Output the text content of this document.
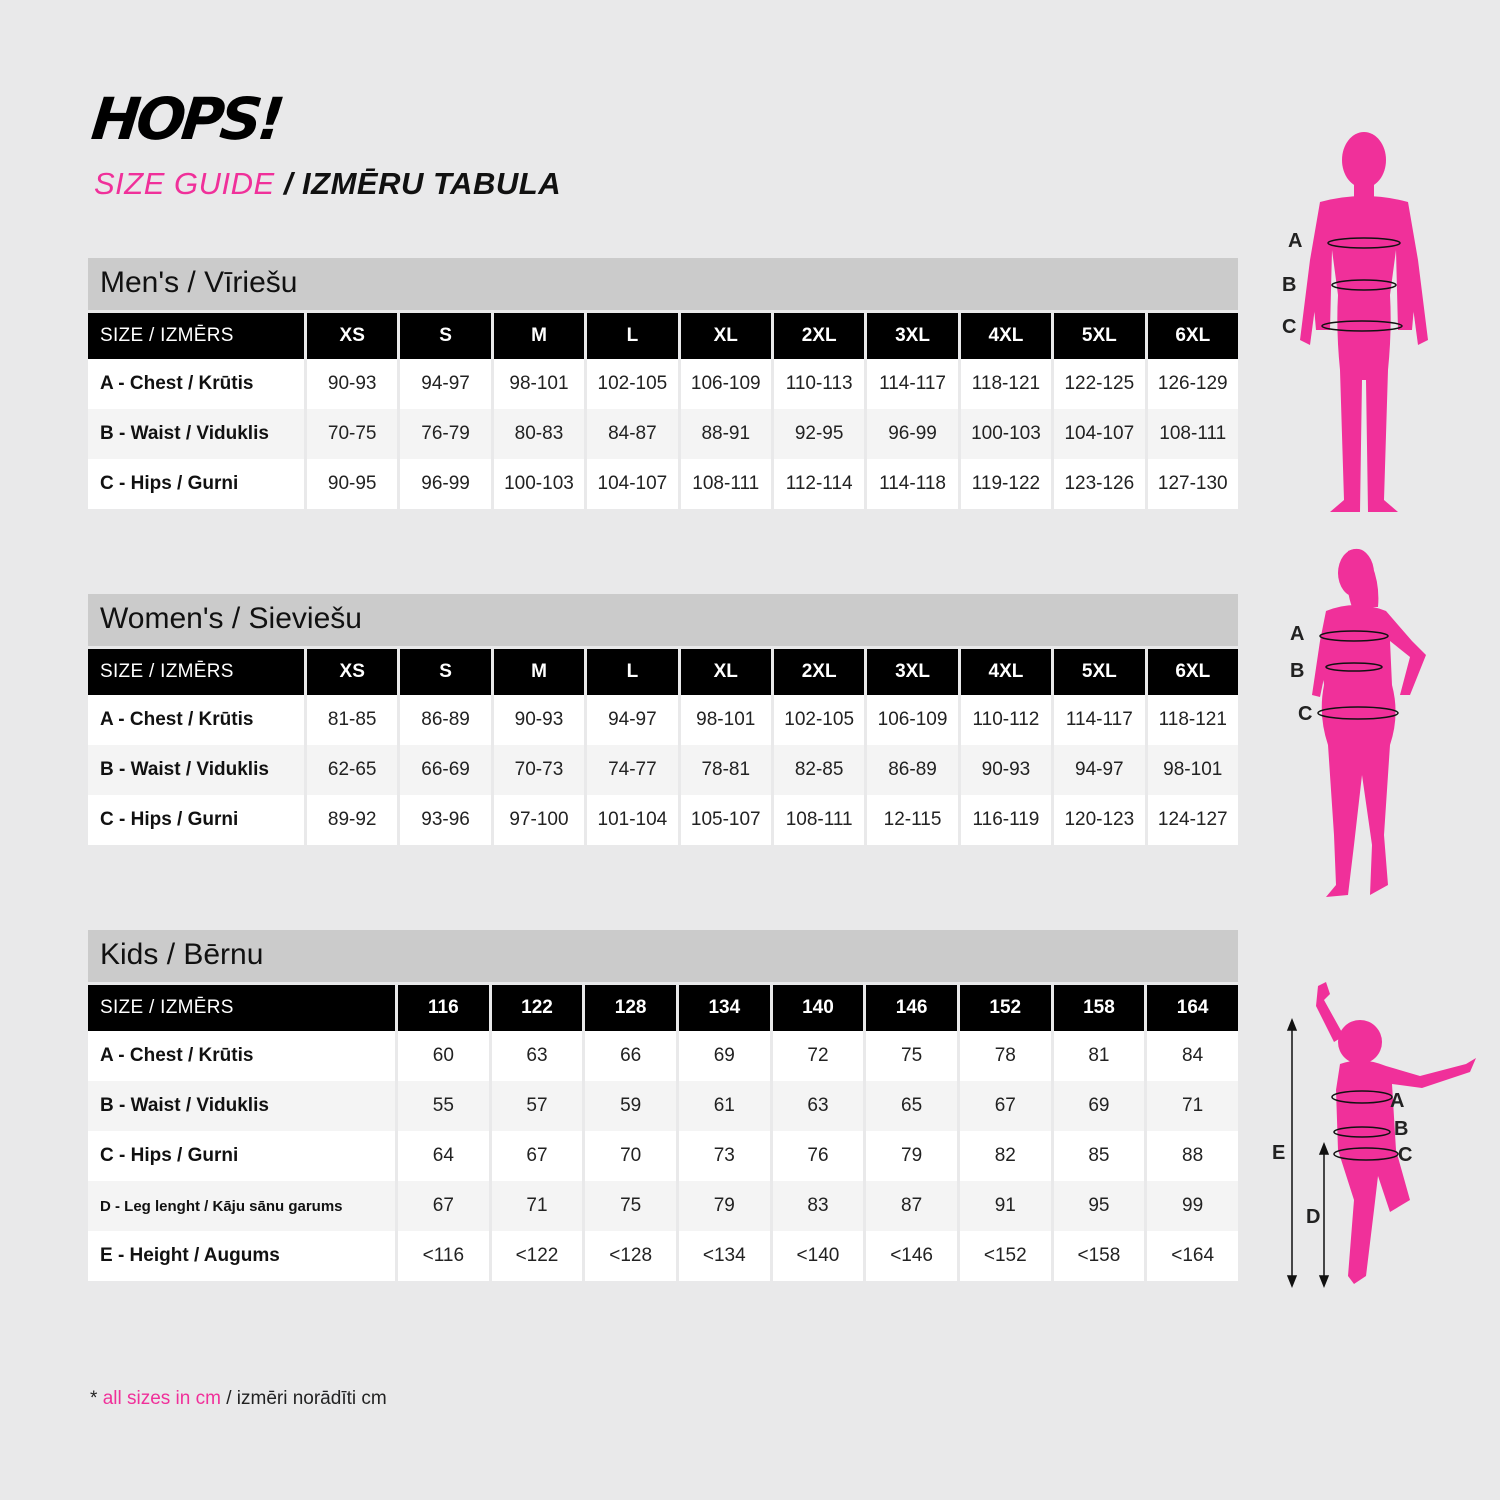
HOPS!
SIZE GUIDE / IZMĒRU TABULA
Men's / Vīriešu
SIZE / IZMĒRS	XS	S	M	L	XL	2XL	3XL	4XL	5XL	6XL
A - Chest / Krūtis	90-93	94-97	98-101	102-105	106-109	110-113	114-117	118-121	122-125	126-129
B - Waist / Viduklis	70-75	76-79	80-83	84-87	88-91	92-95	96-99	100-103	104-107	108-111
C - Hips / Gurni	90-95	96-99	100-103	104-107	108-111	112-114	114-118	119-122	123-126	127-130
Women's / Sieviešu
SIZE / IZMĒRS	XS	S	M	L	XL	2XL	3XL	4XL	5XL	6XL
A - Chest / Krūtis	81-85	86-89	90-93	94-97	98-101	102-105	106-109	110-112	114-117	118-121
B - Waist / Viduklis	62-65	66-69	70-73	74-77	78-81	82-85	86-89	90-93	94-97	98-101
C - Hips / Gurni	89-92	93-96	97-100	101-104	105-107	108-111	12-115	116-119	120-123	124-127
Kids / Bērnu
SIZE / IZMĒRS	116	122	128	134	140	146	152	158	164
A - Chest / Krūtis	60	63	66	69	72	75	78	81	84
B - Waist / Viduklis	55	57	59	61	63	65	67	69	71
C - Hips / Gurni	64	67	70	73	76	79	82	85	88
D - Leg lenght / Kāju sānu garums	67	71	75	79	83	87	91	95	99
E - Height / Augums	<116	<122	<128	<134	<140	<146	<152	<158	<164
A
B
C
A
B
C
A
B
C
E
D
* all sizes in cm / izmēri norādīti cm
